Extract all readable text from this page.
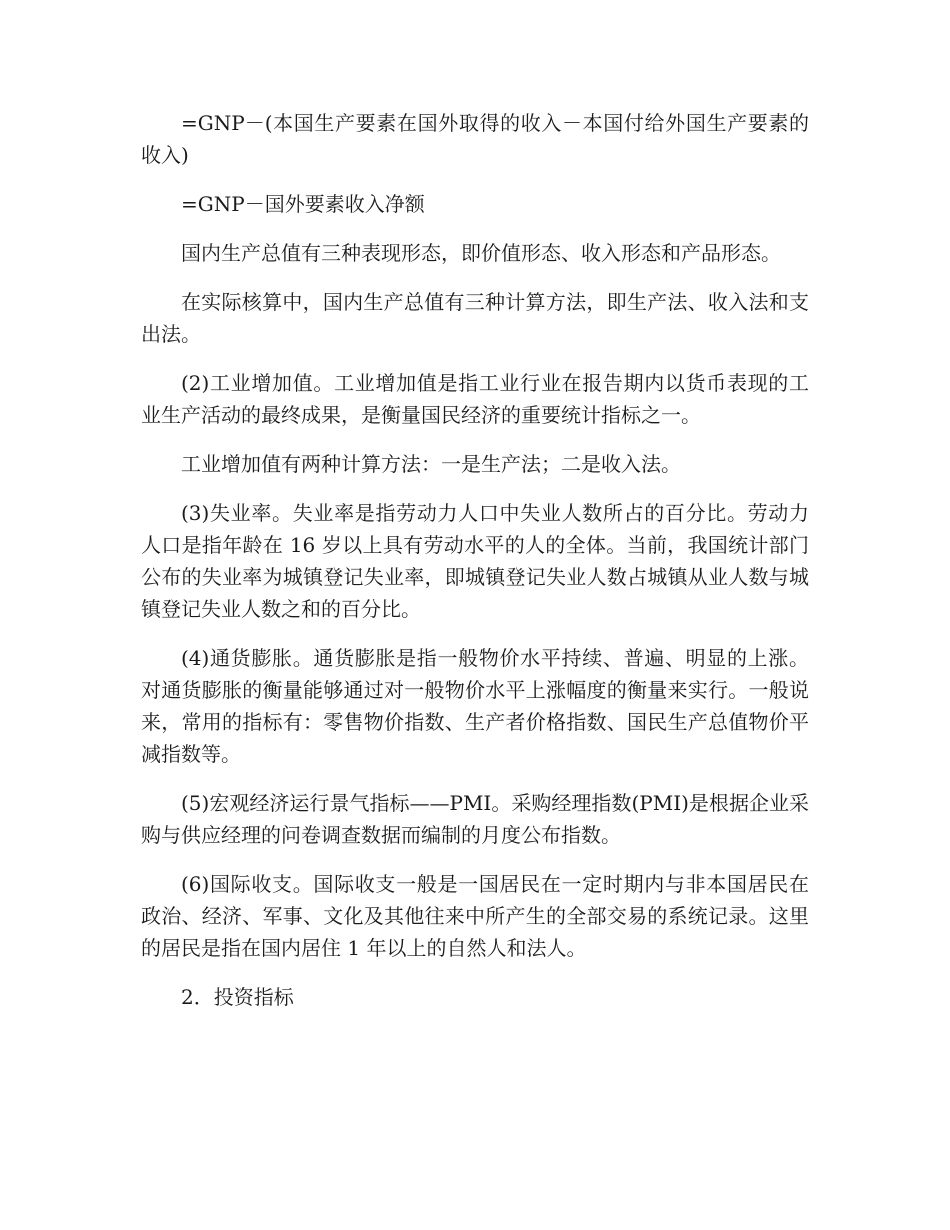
=GNP－(本国生产要素在国外取得的收入－本国付给外国生产要素的收入)

=GNP－国外要素收入净额

国内生产总值有三种表现形态，即价值形态、收入形态和产品形态。

在实际核算中，国内生产总值有三种计算方法，即生产法、收入法和支出法。

(2)工业增加值。工业增加值是指工业行业在报告期内以货币表现的工业生产活动的最终成果，是衡量国民经济的重要统计指标之一。

工业增加值有两种计算方法：一是生产法；二是收入法。

(3)失业率。失业率是指劳动力人口中失业人数所占的百分比。劳动力人口是指年龄在 16 岁以上具有劳动水平的人的全体。当前，我国统计部门公布的失业率为城镇登记失业率，即城镇登记失业人数占城镇从业人数与城镇登记失业人数之和的百分比。

(4)通货膨胀。通货膨胀是指一般物价水平持续、普遍、明显的上涨。对通货膨胀的衡量能够通过对一般物价水平上涨幅度的衡量来实行。一般说来，常用的指标有：零售物价指数、生产者价格指数、国民生产总值物价平减指数等。

(5)宏观经济运行景气指标——PMI。采购经理指数(PMI)是根据企业采购与供应经理的问卷调查数据而编制的月度公布指数。

(6)国际收支。国际收支一般是一国居民在一定时期内与非本国居民在政治、经济、军事、文化及其他往来中所产生的全部交易的系统记录。这里的居民是指在国内居住 1 年以上的自然人和法人。

2．投资指标
